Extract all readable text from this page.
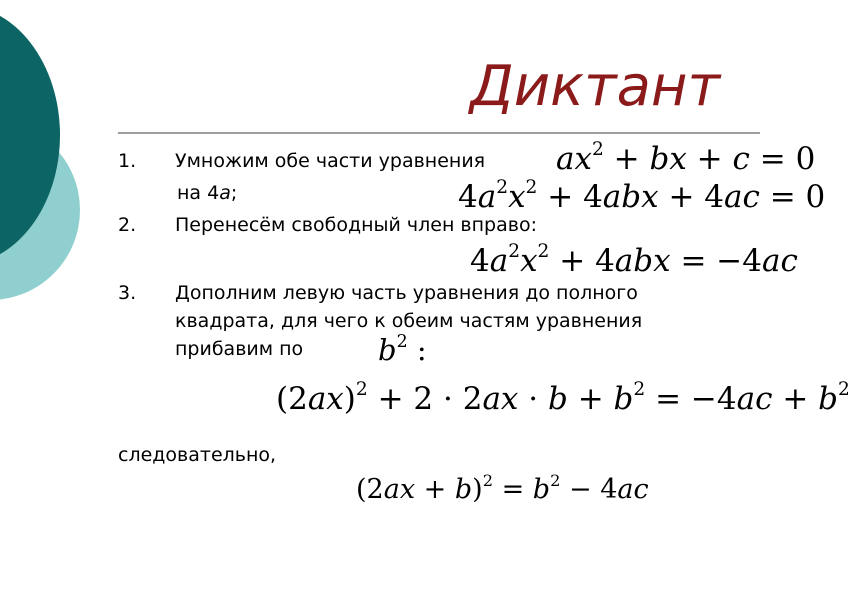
Диктант
1. Умножим обе части уравнения
на 4a;
$ax^2$ + bx + c = 0
$4a^2x^2 + 4abx + 4ac = 0$
2. Перенесём свободный член вправо:
$4a^2x^2 + 4abx = -4ac$
3. Дополним левую часть уравнения до полного
квадрата, для чего к обеим частям уравнения
прибавим по	$b^2$ :
$(2ax)^2 + 2 \cdot 2ax \cdot b + b^2 = -4ac + b^2$
следовательно,
$(2ax + b)^2 = b^2 - 4ac$
